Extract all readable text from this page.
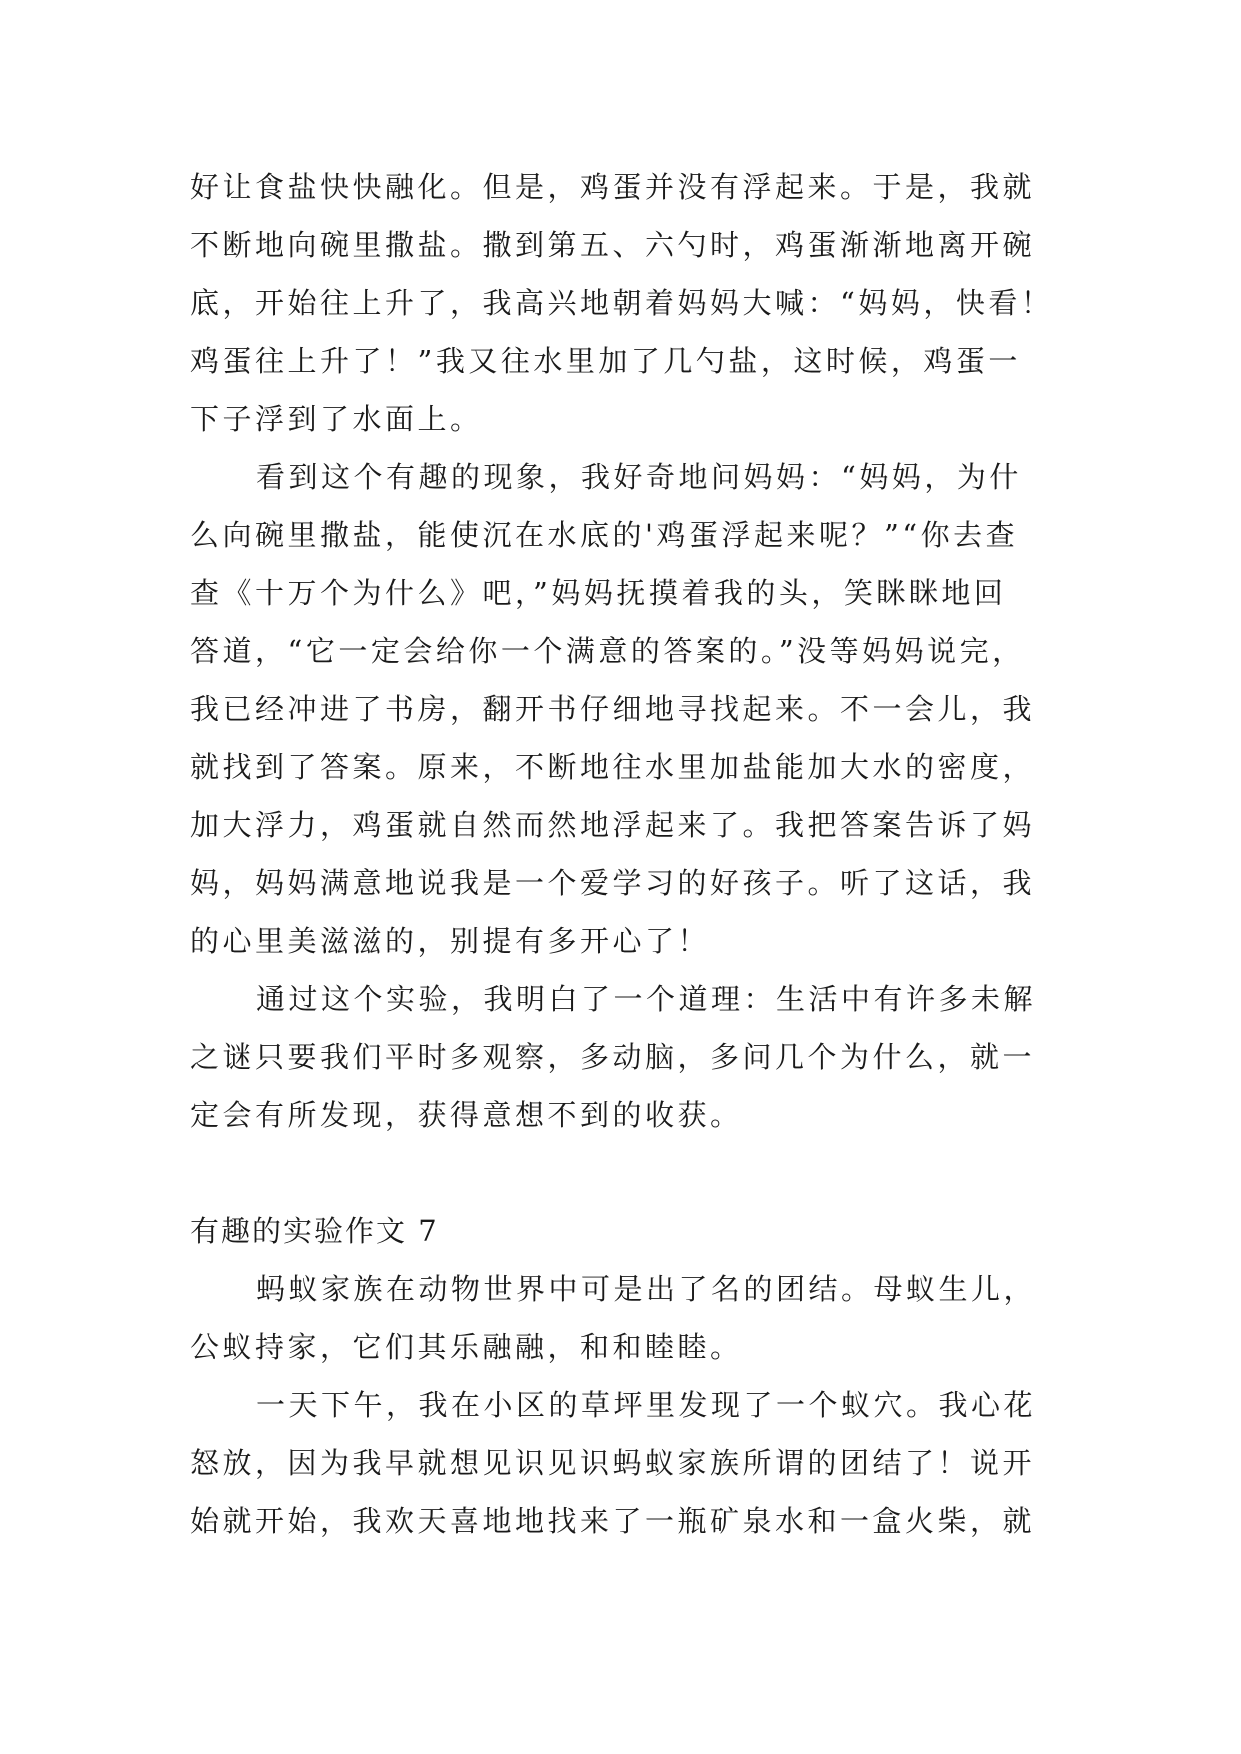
好让食盐快快融化。但是，鸡蛋并没有浮起来。于是，我就
不断地向碗里撒盐。撒到第五、六勺时，鸡蛋渐渐地离开碗
底，开始往上升了，我高兴地朝着妈妈大喊：“妈妈，快看！
鸡蛋往上升了！”我又往水里加了几勺盐，这时候，鸡蛋一
下子浮到了水面上。
看到这个有趣的现象，我好奇地问妈妈：“妈妈，为什
么向碗里撒盐，能使沉在水底的'鸡蛋浮起来呢？”“你去查
查《十万个为什么》吧，”妈妈抚摸着我的头，笑眯眯地回
答道，“它一定会给你一个满意的答案的。”没等妈妈说完，
我已经冲进了书房，翻开书仔细地寻找起来。不一会儿，我
就找到了答案。原来，不断地往水里加盐能加大水的密度，
加大浮力，鸡蛋就自然而然地浮起来了。我把答案告诉了妈
妈，妈妈满意地说我是一个爱学习的好孩子。听了这话，我
的心里美滋滋的，别提有多开心了！
通过这个实验，我明白了一个道理：生活中有许多未解
之谜只要我们平时多观察，多动脑，多问几个为什么，就一
定会有所发现，获得意想不到的收获。
有趣的实验作文 7
蚂蚁家族在动物世界中可是出了名的团结。母蚁生儿，
公蚁持家，它们其乐融融，和和睦睦。
一天下午，我在小区的草坪里发现了一个蚁穴。我心花
怒放，因为我早就想见识见识蚂蚁家族所谓的团结了！说开
始就开始，我欢天喜地地找来了一瓶矿泉水和一盒火柴，就
